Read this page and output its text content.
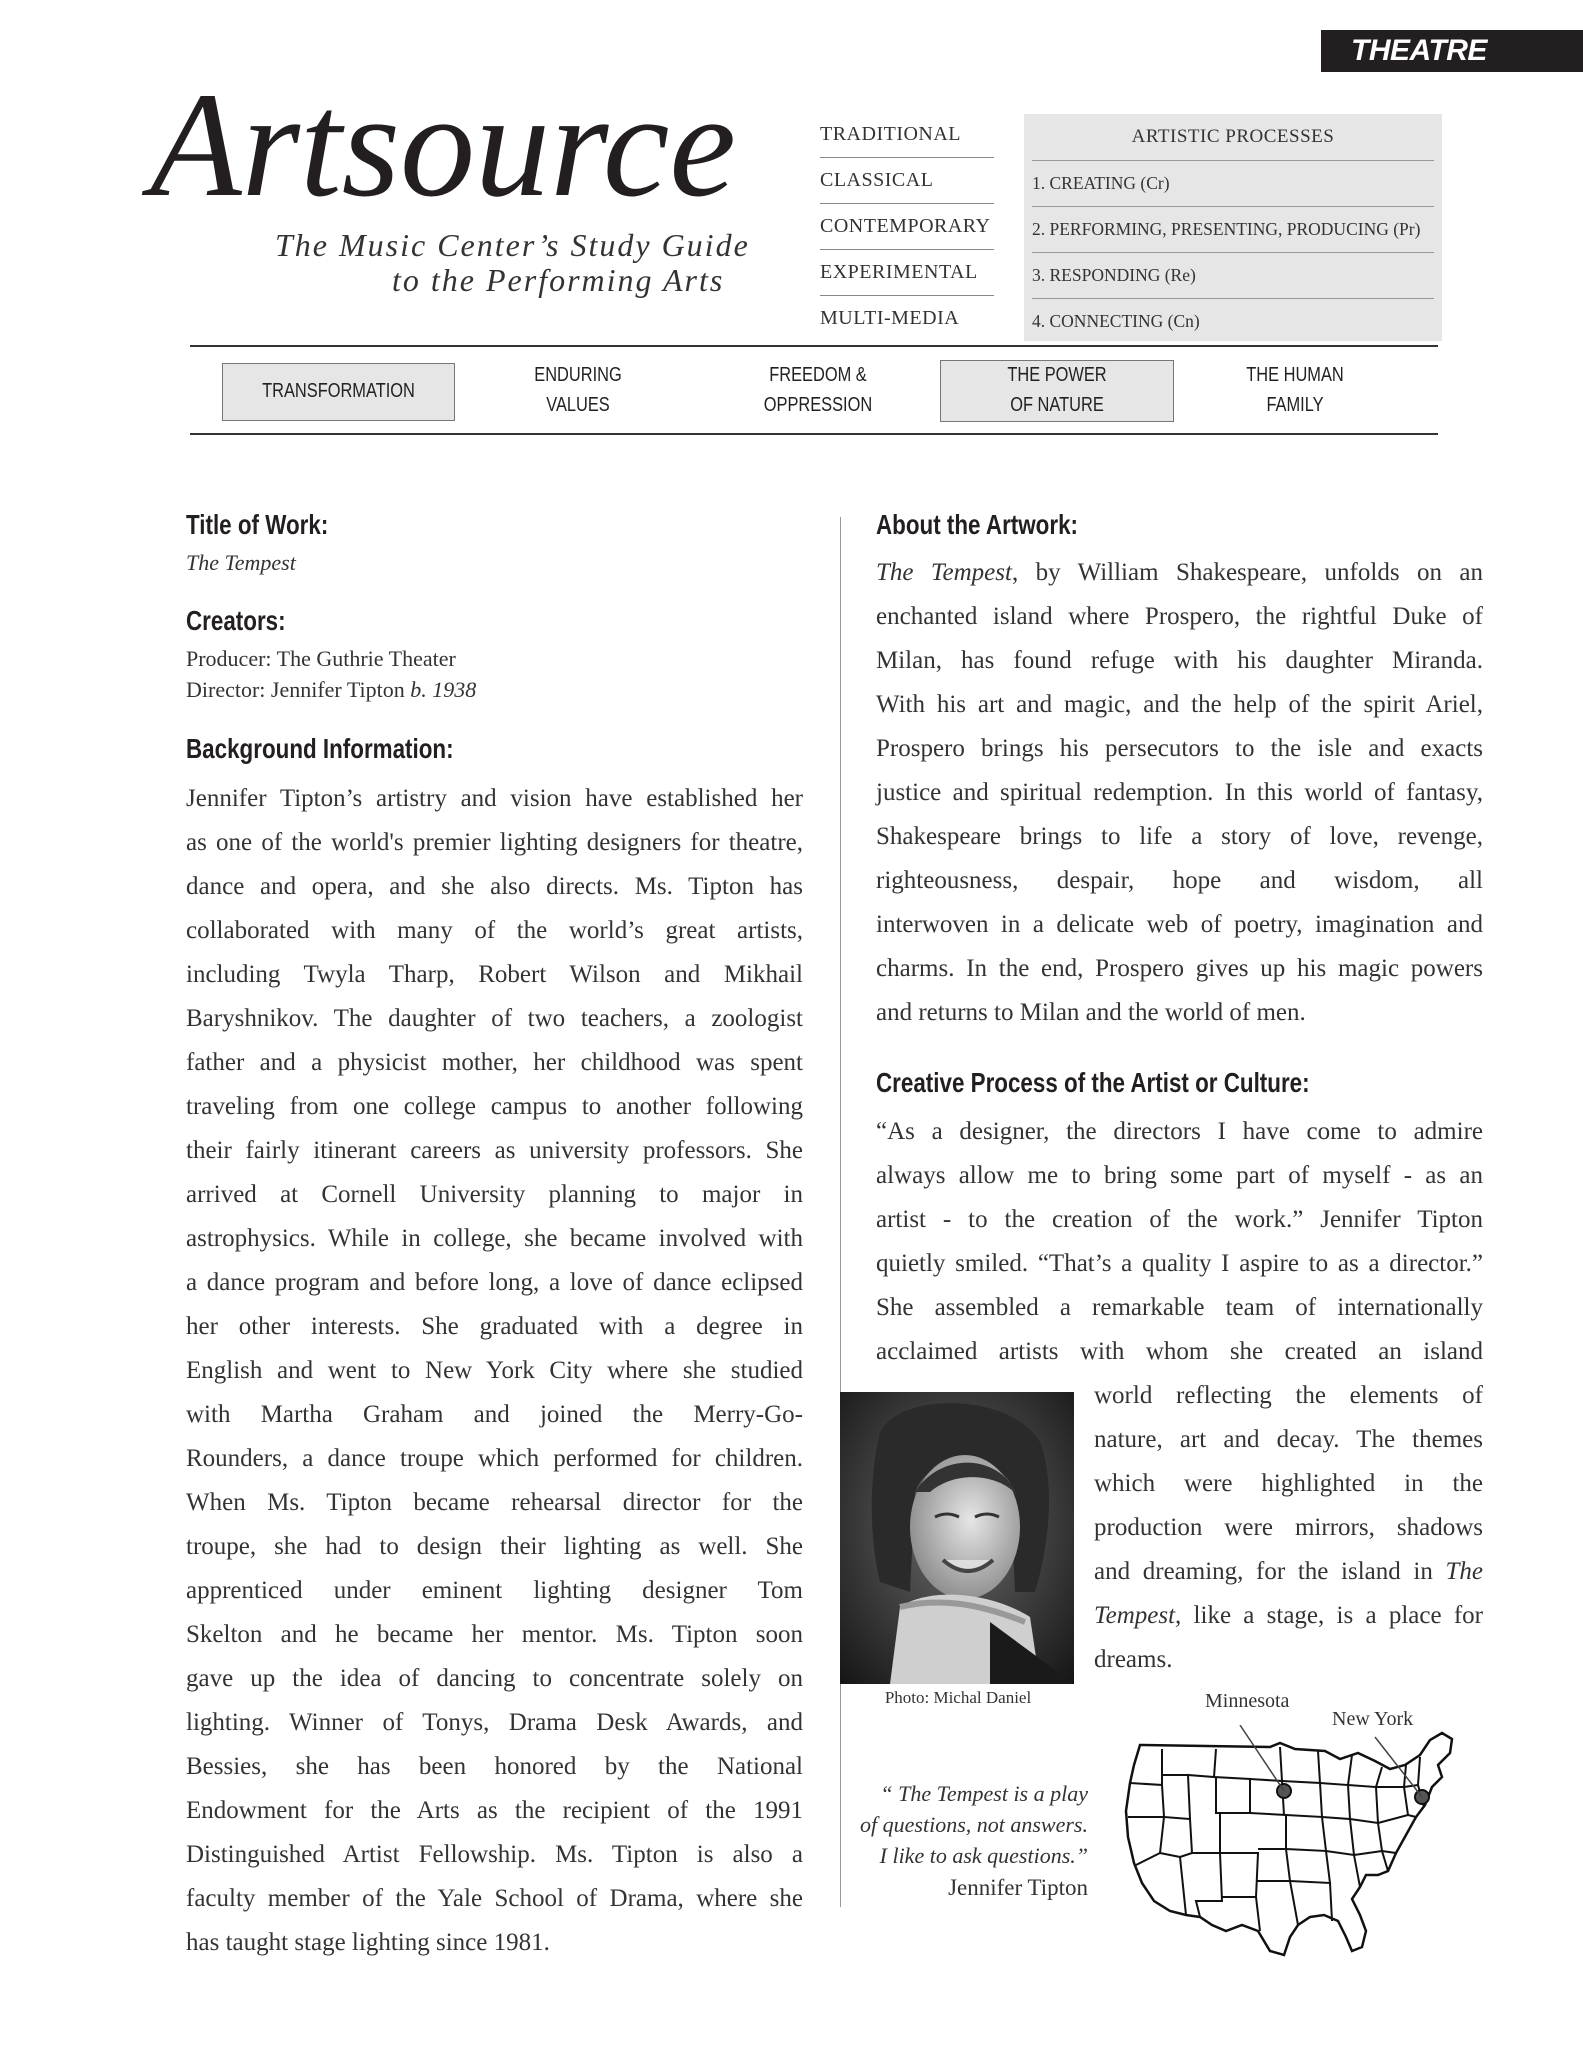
THEATRE
Artsource
The Music Center’s Study Guide
to the Performing Arts
TRADITIONAL
CLASSICAL
CONTEMPORARY
EXPERIMENTAL
MULTI-MEDIA
ARTISTIC PROCESSES
1. CREATING (Cr)
2. PERFORMING, PRESENTING, PRODUCING (Pr)
3. RESPONDING (Re)
4. CONNECTING (Cn)
TRANSFORMATION
ENDURING
VALUES
FREEDOM &
OPPRESSION
THE POWER
OF NATURE
THE HUMAN
FAMILY
Title of Work:
The Tempest
Creators:
Producer: The Guthrie Theater
Director: Jennifer Tipton b. 1938
Background Information:
Jennifer Tipton’s artistry and vision have established her
as one of the world's premier lighting designers for theatre,
dance and opera, and she also directs. Ms. Tipton has
collaborated with many of the world’s great artists,
including Twyla Tharp, Robert Wilson and Mikhail
Baryshnikov. The daughter of two teachers, a zoologist
father and a physicist mother, her childhood was spent
traveling from one college campus to another following
their fairly itinerant careers as university professors. She
arrived at Cornell University planning to major in
astrophysics. While in college, she became involved with
a dance program and before long, a love of dance eclipsed
her other interests. She graduated with a degree in
English and went to New York City where she studied
with Martha Graham and joined the Merry-Go-
Rounders, a dance troupe which performed for children.
When Ms. Tipton became rehearsal director for the
troupe, she had to design their lighting as well. She
apprenticed under eminent lighting designer Tom
Skelton and he became her mentor. Ms. Tipton soon
gave up the idea of dancing to concentrate solely on
lighting. Winner of Tonys, Drama Desk Awards, and
Bessies, she has been honored by the National
Endowment for the Arts as the recipient of the 1991
Distinguished Artist Fellowship. Ms. Tipton is also a
faculty member of the Yale School of Drama, where she
has taught stage lighting since 1981.
About the Artwork:
The Tempest, by William Shakespeare, unfolds on an
enchanted island where Prospero, the rightful Duke of
Milan, has found refuge with his daughter Miranda.
With his art and magic, and the help of the spirit Ariel,
Prospero brings his persecutors to the isle and exacts
justice and spiritual redemption. In this world of fantasy,
Shakespeare brings to life a story of love, revenge,
righteousness, despair, hope and wisdom, all
interwoven in a delicate web of poetry, imagination and
charms. In the end, Prospero gives up his magic powers
and returns to Milan and the world of men.
Creative Process of the Artist or Culture:
“As a designer, the directors I have come to admire
always allow me to bring some part of myself - as an
artist - to the creation of the work.” Jennifer Tipton
quietly smiled. “That’s a quality I aspire to as a director.”
She assembled a remarkable team of internationally
acclaimed artists with whom she created an island
and dreaming, for the island in The
Tempest, like a stage, is a place for
dreams.
world reflecting the elements of
nature, art and decay. The themes
which were highlighted in the
production were mirrors, shadows
Photo: Michal Daniel
“ The Tempest is a play
of questions, not answers.
I like to ask questions.”
Jennifer Tipton
Minnesota
New York
